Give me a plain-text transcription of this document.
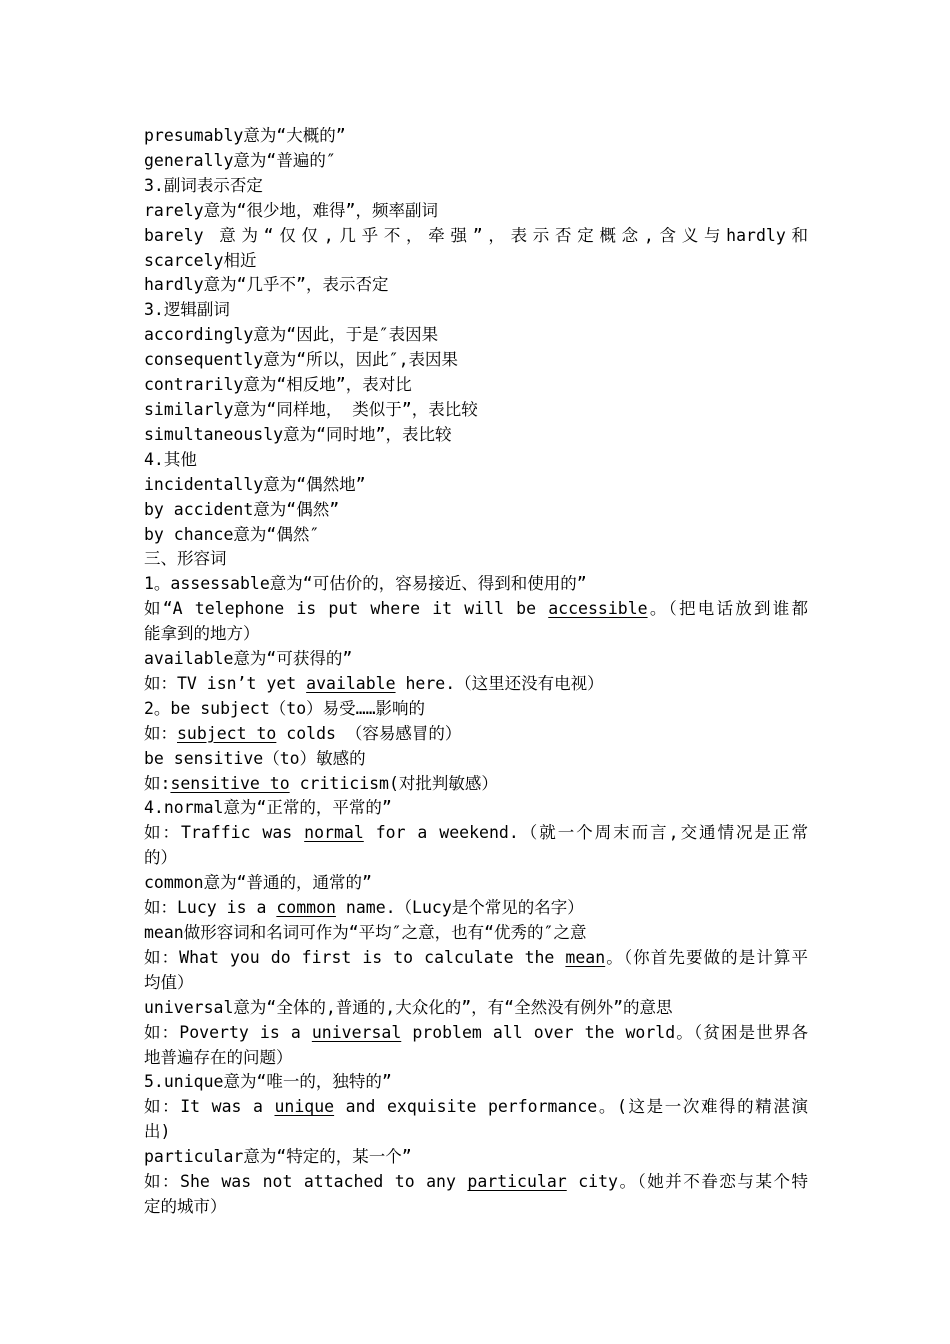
presumably意为“大概的”
generally意为“普遍的″
3.副词表示否定
rarely意为“很少地，难得”，频率副词
barely 意为“仅仅,几乎不，牵强”，表示否定概念,含义与hardly和
scarcely相近
hardly意为“几乎不”，表示否定
3.逻辑副词
accordingly意为“因此，于是″表因果
consequently意为“所以，因此″,表因果
contrarily意为“相反地”，表对比
similarly意为“同样地， 类似于”，表比较
simultaneously意为“同时地”，表比较
4.其他
incidentally意为“偶然地”
by accident意为“偶然”
by chance意为“偶然″
三、形容词
1。assessable意为“可估价的，容易接近、得到和使用的”
如“A telephone is put where it will be accessible。（把电话放到谁都
能拿到的地方）
available意为“可获得的”
如：TV isn’t yet available here.（这里还没有电视）
2。be subject（to）易受……影响的
如：subject to colds （容易感冒的）
be sensitive（to）敏感的
如:sensitive to criticism(对批判敏感）
4.normal意为“正常的，平常的”
如：Traffic was normal for a weekend.（就一个周末而言,交通情况是正常
的）
common意为“普通的，通常的”
如：Lucy is a common name.（Lucy是个常见的名字）
mean做形容词和名词可作为“平均″之意，也有“优秀的″之意
如：What you do first is to calculate the mean。（你首先要做的是计算平
均值）
universal意为“全体的,普通的,大众化的”，有“全然没有例外”的意思
如：Poverty is a universal problem all over the world。（贫困是世界各
地普遍存在的问题）
5.unique意为“唯一的，独特的”
如：It was a unique and exquisite performance。(这是一次难得的精湛演
出)
particular意为“特定的，某一个”
如：She was not attached to any particular city。（她并不眷恋与某个特
定的城市）
